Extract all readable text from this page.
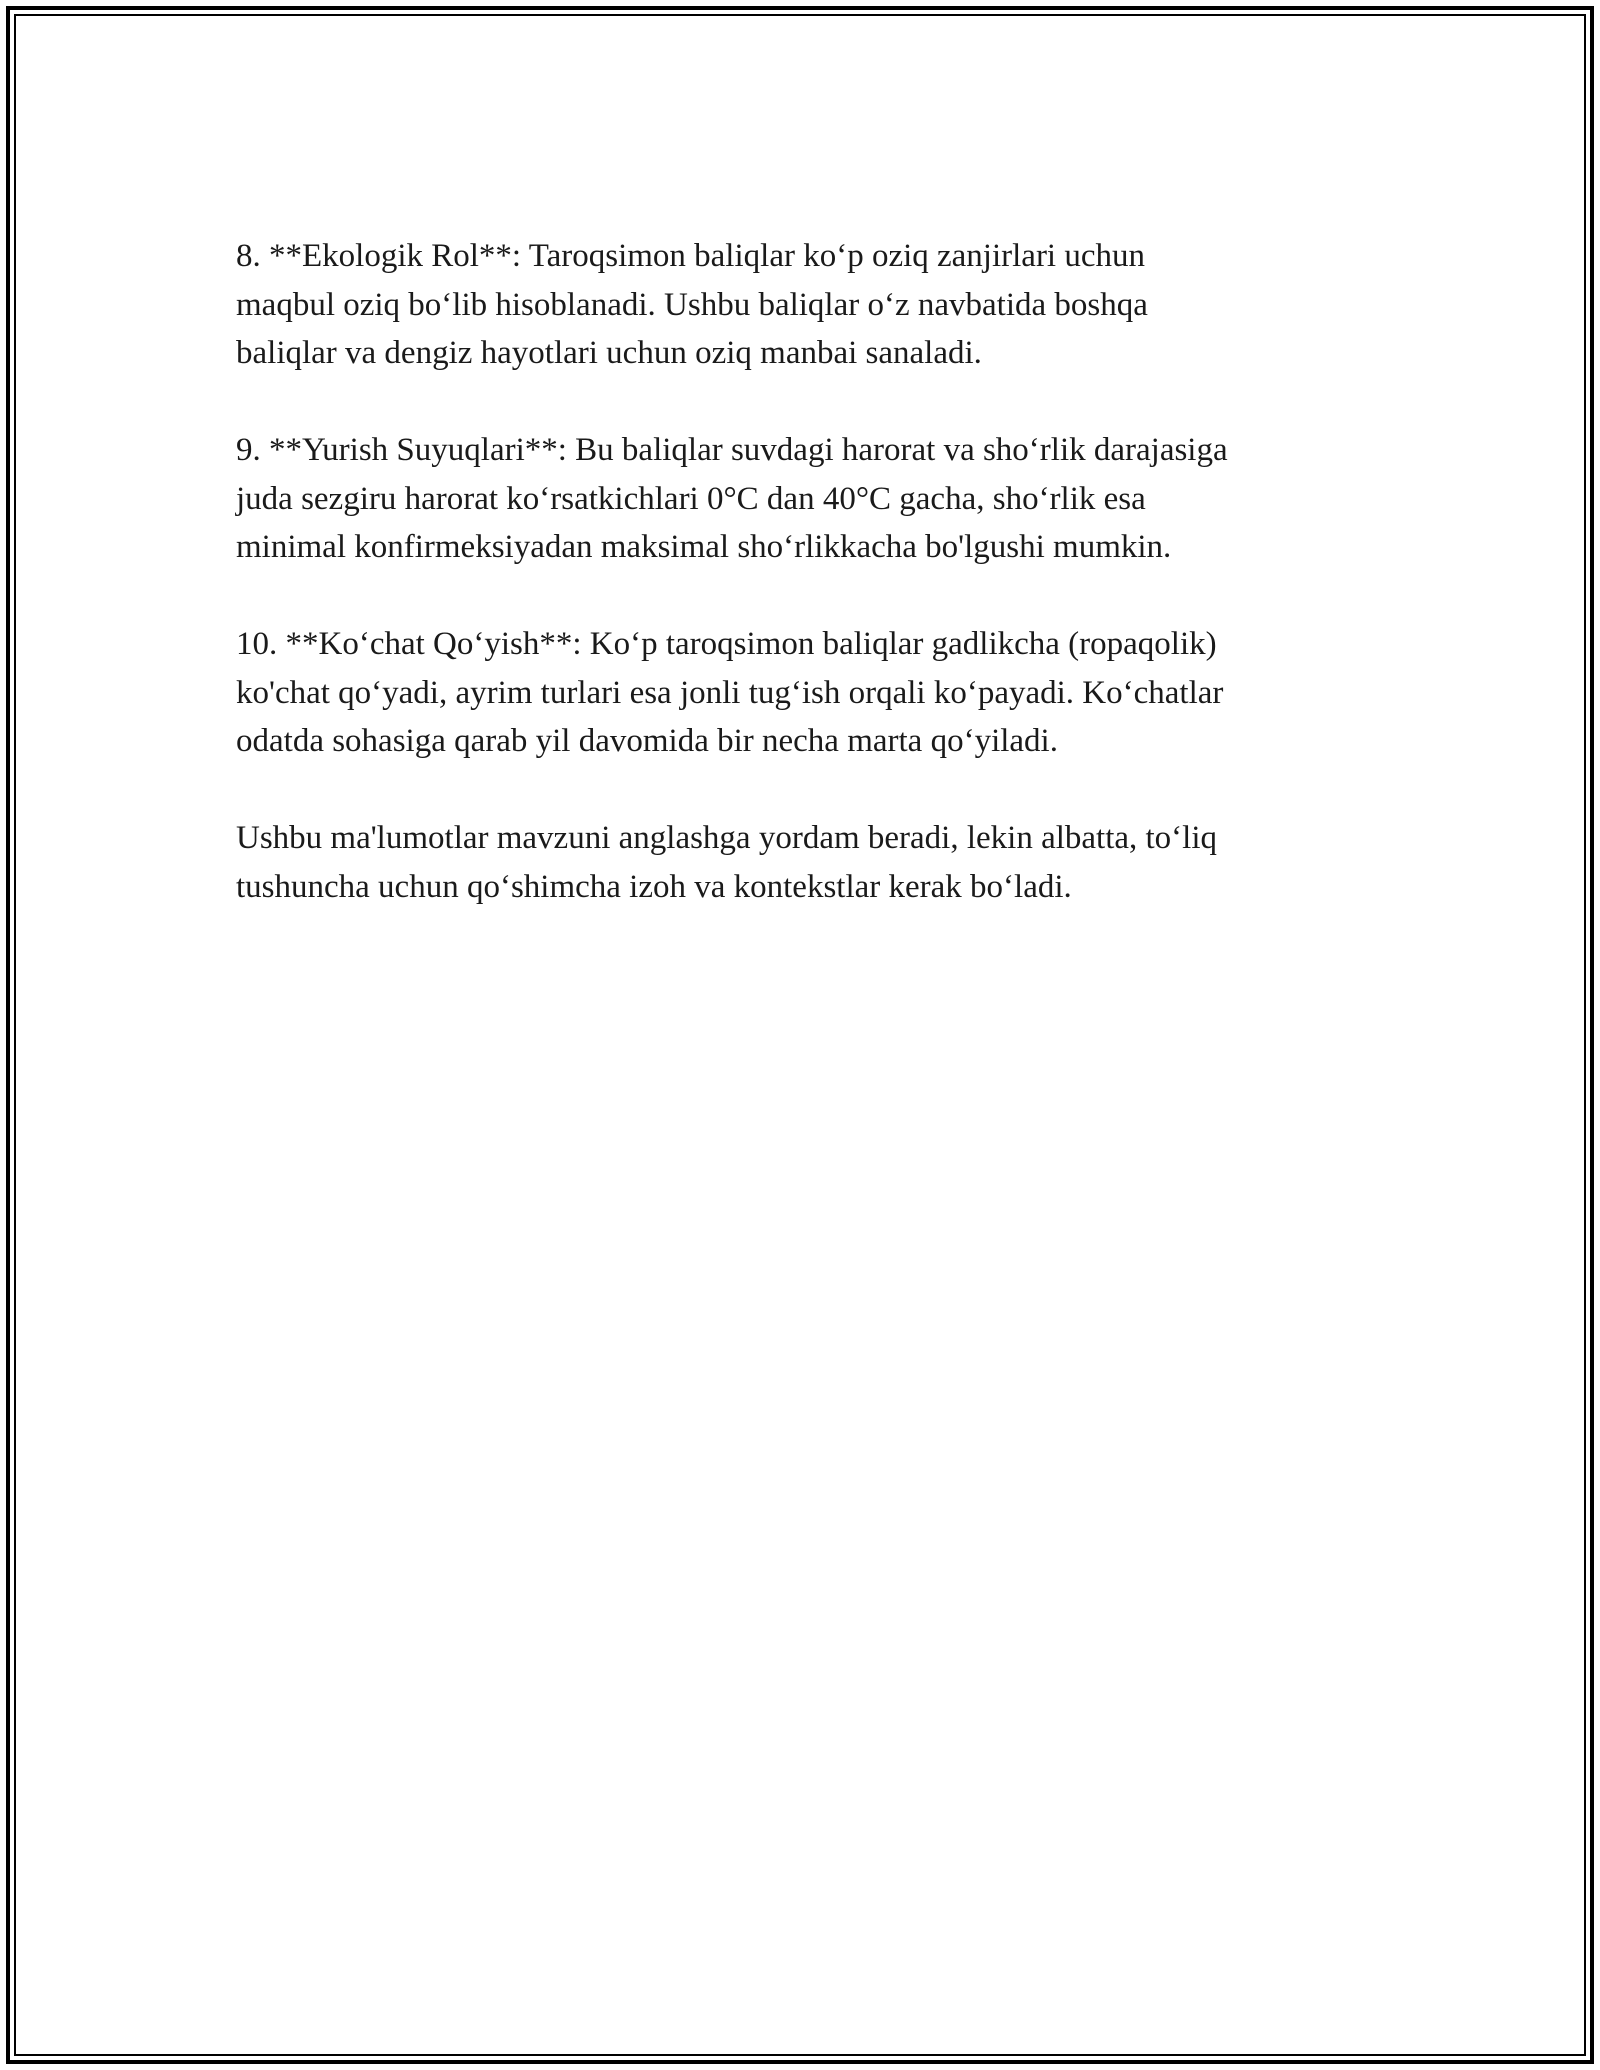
8. **Ekologik Rol**: Taroqsimon baliqlar ko‘p oziq zanjirlari uchun
maqbul oziq bo‘lib hisoblanadi. Ushbu baliqlar o‘z navbatida boshqa
baliqlar va dengiz hayotlari uchun oziq manbai sanaladi.

9. **Yurish Suyuqlari**: Bu baliqlar suvdagi harorat va sho‘rlik darajasiga
juda sezgiru harorat ko‘rsatkichlari 0°C dan 40°C gacha, sho‘rlik esa
minimal konfirmeksiyadan maksimal sho‘rlikkacha bo'lgushi mumkin.

10. **Ko‘chat Qo‘yish**: Ko‘p taroqsimon baliqlar gadlikcha (ropaqolik)
ko'chat qo‘yadi, ayrim turlari esa jonli tug‘ish orqali ko‘payadi. Ko‘chatlar
odatda sohasiga qarab yil davomida bir necha marta qo‘yiladi.

Ushbu ma'lumotlar mavzuni anglashga yordam beradi, lekin albatta, to‘liq
tushuncha uchun qo‘shimcha izoh va kontekstlar kerak bo‘ladi.
